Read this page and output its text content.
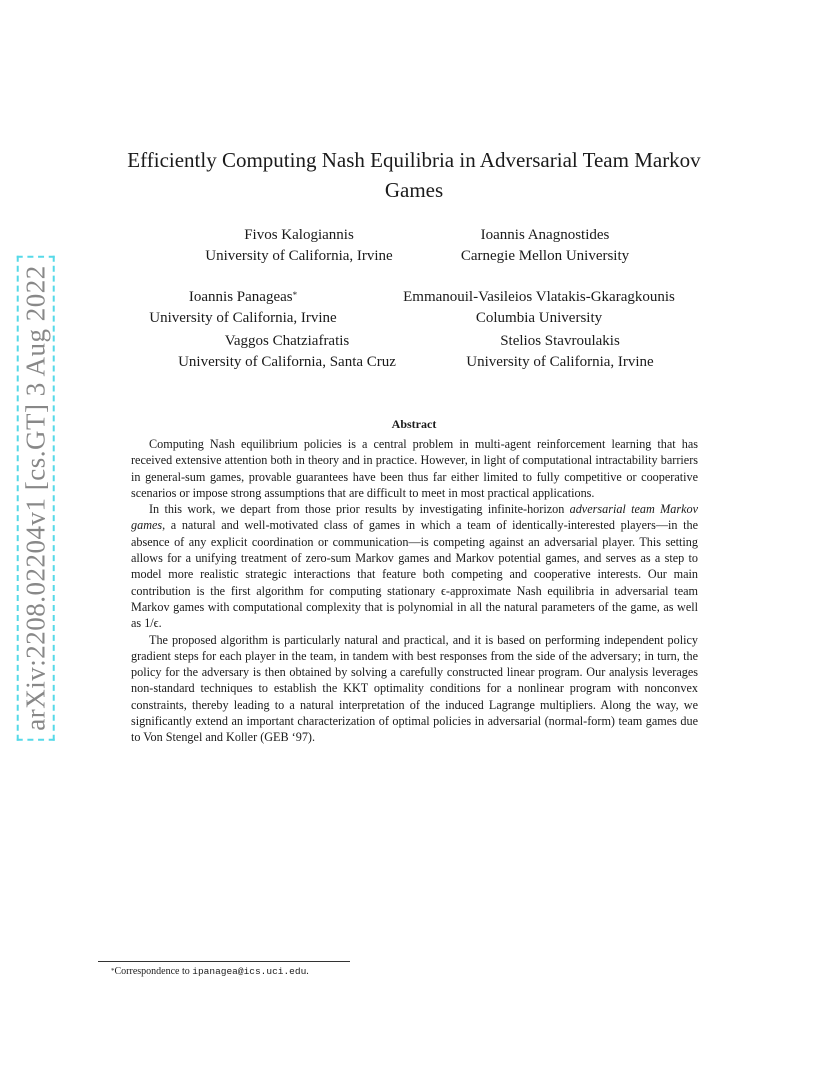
arXiv:2208.02204v1 [cs.GT] 3 Aug 2022
Efficiently Computing Nash Equilibria in Adversarial Team Markov Games
Fivos Kalogiannis
University of California, Irvine
Ioannis Anagnostides
Carnegie Mellon University
Ioannis Panageas*
University of California, Irvine
Emmanouil-Vasileios Vlatakis-Gkaragkounis
Columbia University
Vaggos Chatziafratis
University of California, Santa Cruz
Stelios Stavroulakis
University of California, Irvine
Abstract

Computing Nash equilibrium policies is a central problem in multi-agent reinforcement learning that has received extensive attention both in theory and in practice. However, in light of computational intractability barriers in general-sum games, provable guarantees have been thus far either limited to fully competitive or cooperative scenarios or impose strong assumptions that are difficult to meet in most practical applications.

In this work, we depart from those prior results by investigating infinite-horizon adversarial team Markov games, a natural and well-motivated class of games in which a team of identically-interested players—in the absence of any explicit coordination or communication—is competing against an adversarial player. This setting allows for a unifying treatment of zero-sum Markov games and Markov potential games, and serves as a step to model more realistic strategic interactions that feature both competing and cooperative interests. Our main contribution is the first algorithm for computing stationary ϵ-approximate Nash equilibria in adversarial team Markov games with computational complexity that is polynomial in all the natural parameters of the game, as well as 1/ϵ.

The proposed algorithm is particularly natural and practical, and it is based on performing independent policy gradient steps for each player in the team, in tandem with best responses from the side of the adversary; in turn, the policy for the adversary is then obtained by solving a carefully constructed linear program. Our analysis leverages non-standard techniques to establish the KKT optimality conditions for a nonlinear program with nonconvex constraints, thereby leading to a natural interpretation of the induced Lagrange multipliers. Along the way, we significantly extend an important characterization of optimal policies in adversarial (normal-form) team games due to Von Stengel and Koller (GEB ‘97).

*Correspondence to ipanagea@ics.uci.edu.
